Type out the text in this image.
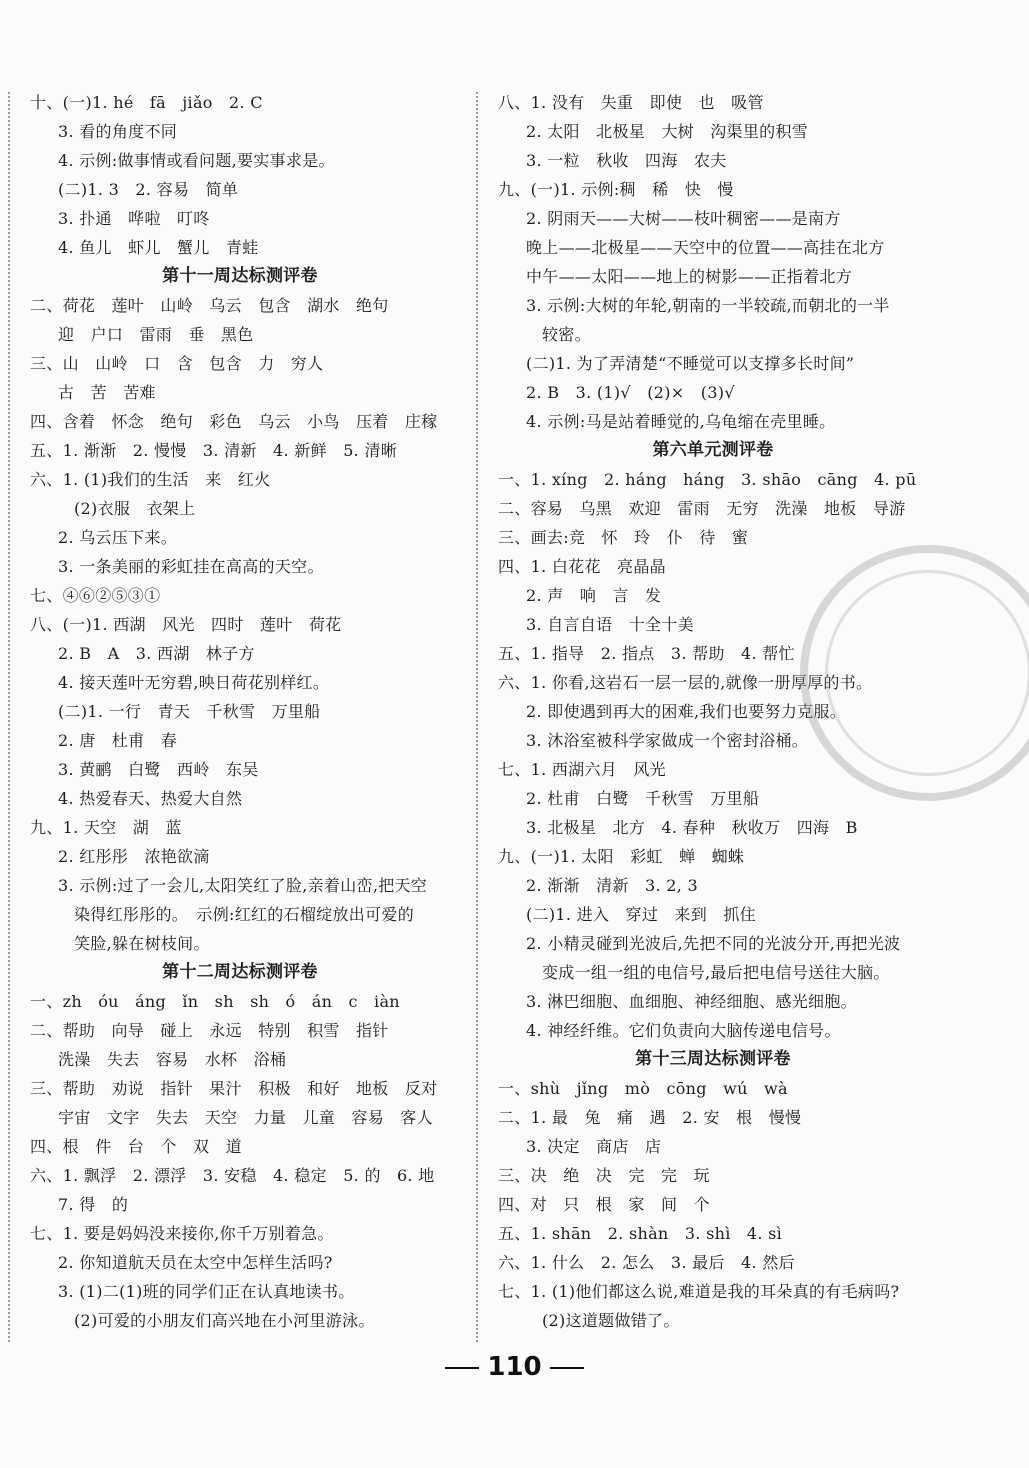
十、(一)1. hé　fā　jiǎo　2. C
3. 看的角度不同
4. 示例:做事情或看问题,要实事求是。
(二)1. 3　2. 容易　简单
3. 扑通　哗啦　叮咚
4. 鱼儿　虾儿　蟹儿　青蛙
第十一周达标测评卷
二、荷花　莲叶　山岭　乌云　包含　湖水　绝句
迎　户口　雷雨　垂　黑色
三、山　山岭　口　含　包含　力　穷人
古　苦　苦难
四、含着　怀念　绝句　彩色　乌云　小鸟　压着　庄稼
五、1. 渐渐　2. 慢慢　3. 清新　4. 新鲜　5. 清晰
六、1. (1)我们的生活　来　红火
(2)衣服　衣架上
2. 乌云压下来。
3. 一条美丽的彩虹挂在高高的天空。
七、④⑥②⑤③①
八、(一)1. 西湖　风光　四时　莲叶　荷花
2. B　A　3. 西湖　林子方
4. 接天莲叶无穷碧,映日荷花别样红。
(二)1. 一行　青天　千秋雪　万里船
2. 唐　杜甫　春
3. 黄鹂　白鹭　西岭　东吴
4. 热爱春天、热爱大自然
九、1. 天空　湖　蓝
2. 红彤彤　浓艳欲滴
3. 示例:过了一会儿,太阳笑红了脸,亲着山峦,把天空
染得红彤彤的。　示例:红红的石榴绽放出可爱的
笑脸,躲在树枝间。
第十二周达标测评卷
一、zh　óu　áng　ǐn　sh　sh　ó　án　c　iàn
二、帮助　向导　碰上　永远　特别　积雪　指针
洗澡　失去　容易　水杯　浴桶
三、帮助　劝说　指针　果汁　积极　和好　地板　反对
宇宙　文字　失去　天空　力量　儿童　容易　客人
四、根　件　台　个　双　道
六、1. 飘浮　2. 漂浮　3. 安稳　4. 稳定　5. 的　6. 地
7. 得　的
七、1. 要是妈妈没来接你,你千万别着急。
2. 你知道航天员在太空中怎样生活吗?
3. (1)二(1)班的同学们正在认真地读书。
(2)可爱的小朋友们高兴地在小河里游泳。
八、1. 没有　失重　即使　也　吸管
2. 太阳　北极星　大树　沟渠里的积雪
3. 一粒　秋收　四海　农夫
九、(一)1. 示例:稠　稀　快　慢
2. 阴雨天——大树——枝叶稠密——是南方
晚上——北极星——天空中的位置——高挂在北方
中午——太阳——地上的树影——正指着北方
3. 示例:大树的年轮,朝南的一半较疏,而朝北的一半
较密。
(二)1. 为了弄清楚“不睡觉可以支撑多长时间”
2. B　3. (1)√　(2)×　(3)√
4. 示例:马是站着睡觉的,乌龟缩在壳里睡。
第六单元测评卷
一、1. xíng　2. háng　háng　3. shāo　cāng　4. pū
二、容易　乌黑　欢迎　雷雨　无穷　洗澡　地板　导游
三、画去:竞　怀　玲　仆　待　蜜
四、1. 白花花　亮晶晶
2. 声　响　言　发
3. 自言自语　十全十美
五、1. 指导　2. 指点　3. 帮助　4. 帮忙
六、1. 你看,这岩石一层一层的,就像一册厚厚的书。
2. 即使遇到再大的困难,我们也要努力克服。
3. 沐浴室被科学家做成一个密封浴桶。
七、1. 西湖六月　风光
2. 杜甫　白鹭　千秋雪　万里船
3. 北极星　北方　4. 春种　秋收万　四海　B
九、(一)1. 太阳　彩虹　蝉　蜘蛛
2. 渐渐　清新　3. 2, 3
(二)1. 进入　穿过　来到　抓住
2. 小精灵碰到光波后,先把不同的光波分开,再把光波
变成一组一组的电信号,最后把电信号送往大脑。
3. 淋巴细胞、血细胞、神经细胞、感光细胞。
4. 神经纤维。它们负责向大脑传递电信号。
第十三周达标测评卷
一、shù　jǐng　mò　cōng　wú　wà
二、1. 最　兔　痛　遇　2. 安　根　慢慢
3. 决定　商店　店
三、决　绝　决　完　完　玩
四、对　只　根　家　间　个
五、1. shān　2. shàn　3. shì　4. sì
六、1. 什么　2. 怎么　3. 最后　4. 然后
七、1. (1)他们都这么说,难道是我的耳朵真的有毛病吗?
(2)这道题做错了。
110
